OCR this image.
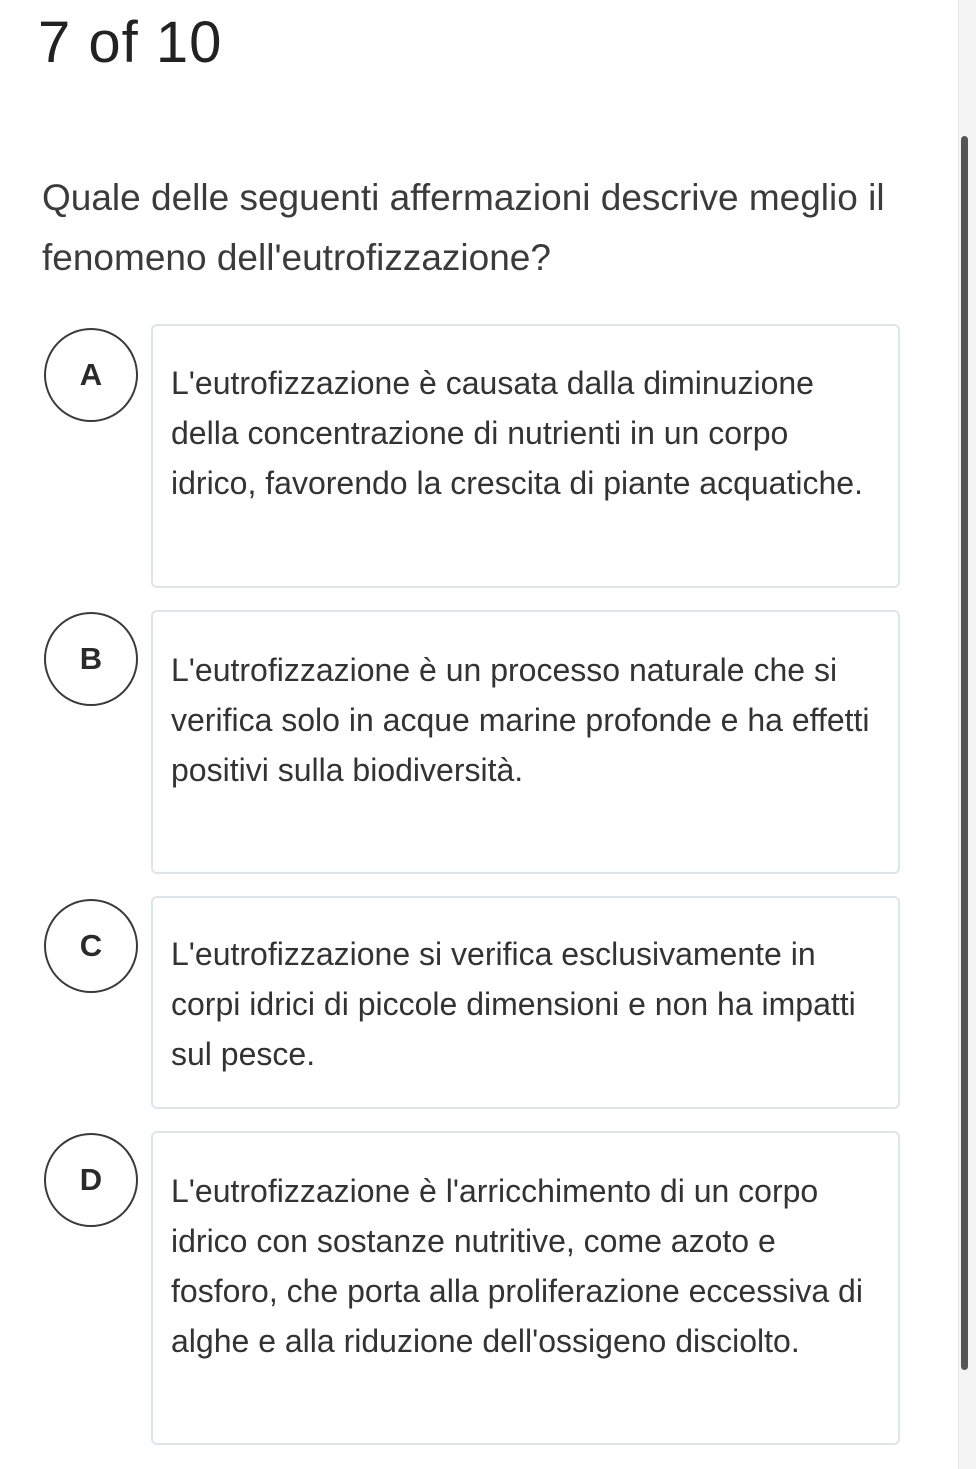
7 of 10
Quale delle seguenti affermazioni descrive meglio il fenomeno dell'eutrofizzazione?
A	L'eutrofizzazione è causata dalla diminuzione della concentrazione di nutrienti in un corpo idrico, favorendo la crescita di piante acquatiche.
B	L'eutrofizzazione è un processo naturale che si verifica solo in acque marine profonde e ha effetti positivi sulla biodiversità.
C	L'eutrofizzazione si verifica esclusivamente in corpi idrici di piccole dimensioni e non ha impatti sul pesce.
D	L'eutrofizzazione è l'arricchimento di un corpo idrico con sostanze nutritive, come azoto e fosforo, che porta alla proliferazione eccessiva di alghe e alla riduzione dell'ossigeno disciolto.
